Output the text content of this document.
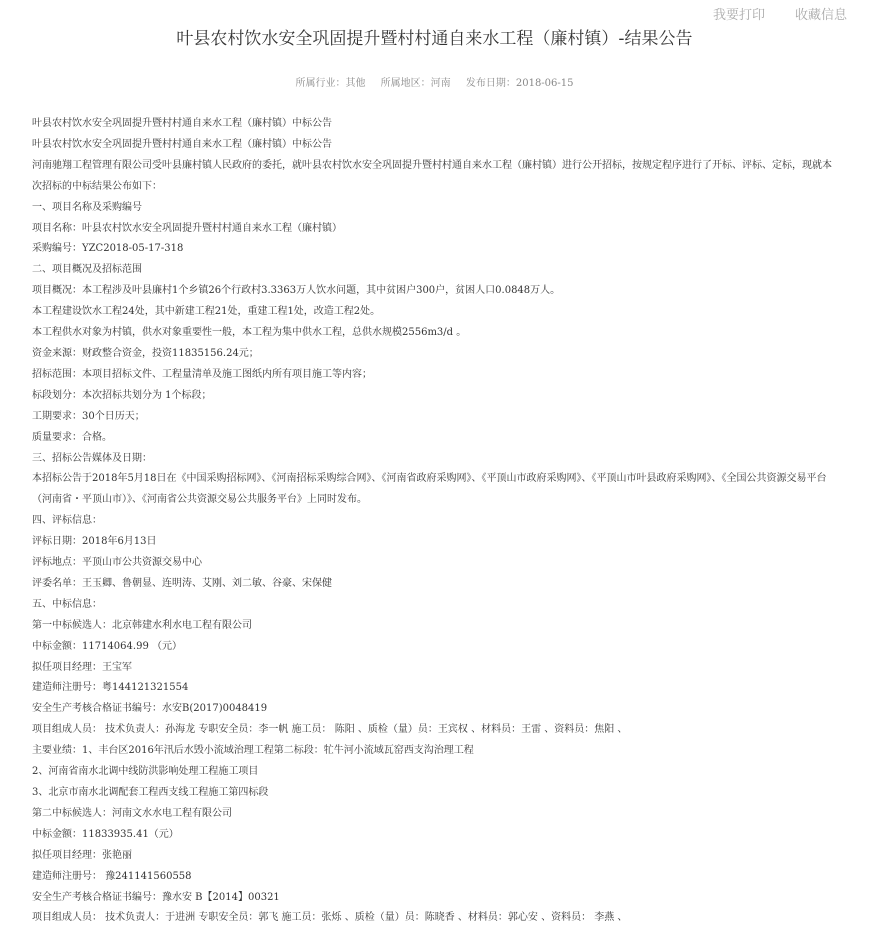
我要打印 收藏信息
叶县农村饮水安全巩固提升暨村村通自来水工程（廉村镇）-结果公告
所属行业：其他 所属地区：河南 发布日期：2018-06-15

叶县农村饮水安全巩固提升暨村村通自来水工程（廉村镇）中标公告

叶县农村饮水安全巩固提升暨村村通自来水工程（廉村镇）中标公告

河南驰翔工程管理有限公司受叶县廉村镇人民政府的委托，就叶县农村饮水安全巩固提升暨村村通自来水工程（廉村镇）进行公开招标，按规定程序进行了开标、评标、定标，现就本次招标的中标结果公布如下：

一、项目名称及采购编号

项目名称：叶县农村饮水安全巩固提升暨村村通自来水工程（廉村镇）

采购编号：YZC2018-05-17-318

二、项目概况及招标范围

项目概况：本工程涉及叶县廉村1个乡镇26个行政村3.3363万人饮水问题，其中贫困户300户，贫困人口0.0848万人。

本工程建设饮水工程24处，其中新建工程21处，重建工程1处，改造工程2处。

本工程供水对象为村镇，供水对象重要性一般，本工程为集中供水工程，总供水规模2556m3/d 。

资金来源：财政整合资金，投资11835156.24元；

招标范围：本项目招标文件、工程量清单及施工图纸内所有项目施工等内容；

标段划分：本次招标共划分为 1个标段；

工期要求：30个日历天；

质量要求：合格。

三、招标公告媒体及日期：

本招标公告于2018年5月18日在《中国采购招标网》、《河南招标采购综合网》、《河南省政府采购网》、《平顶山市政府采购网》、《平顶山市叶县政府采购网》、《全国公共资源交易平台（河南省・平顶山市）》、《河南省公共资源交易公共服务平台》上同时发布。

四、评标信息：

评标日期：2018年6月13日

评标地点：平顶山市公共资源交易中心

评委名单：王玉卿、鲁朝显、连明涛、艾刚、刘二敏、谷豪、宋保健

五、中标信息：

第一中标候选人：北京韩建水利水电工程有限公司

中标金额：11714064.99 （元）

拟任项目经理：王宝军

建造师注册号：粤144121321554

安全生产考核合格证书编号：水安B(2017)0048419

项目组成人员： 技术负责人：孙海龙 专职安全员：李一帆 施工员： 陈阳 、质检（量）员：王宾权 、材料员：王雷 、资料员：焦阳 、

主要业绩：1、丰台区2016年汛后水毁小流域治理工程第二标段：牤牛河小流域瓦窑西支沟治理工程

2、河南省南水北调中线防洪影响处理工程施工项目

3、北京市南水北调配套工程西支线工程施工第四标段

第二中标候选人：河南文水水电工程有限公司

中标金额：11833935.41（元）

拟任项目经理：张艳丽

建造师注册号： 豫241141560558

安全生产考核合格证书编号：豫水安 B【2014】00321

项目组成人员： 技术负责人：于进洲 专职安全员：郭飞 施工员：张烁 、质检（量）员：陈晓香 、材料员：郭心安 、资料员： 李燕 、
